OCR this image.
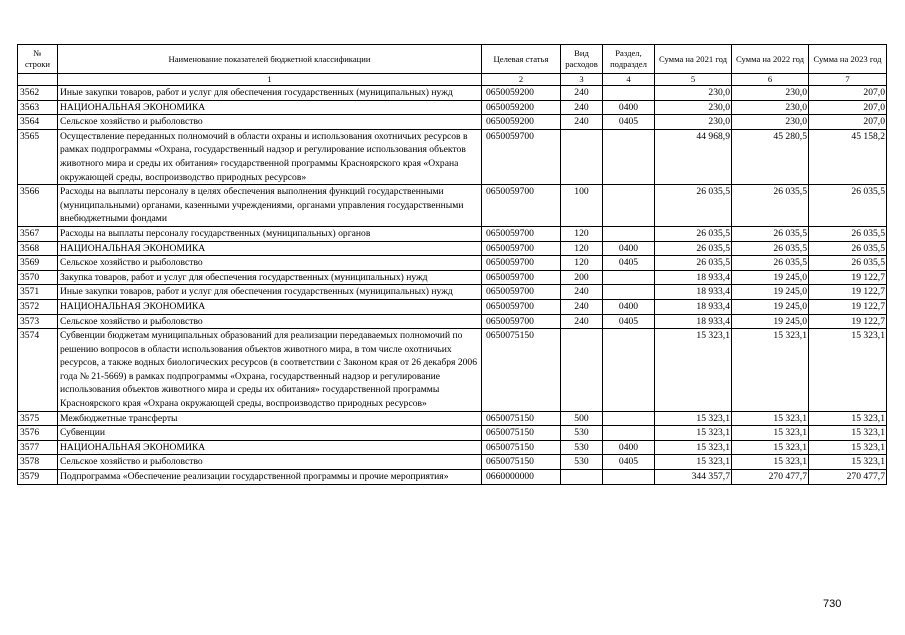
№ строки	Наименование показателей бюджетной классификации	Целевая статья	Вид расходов	Раздел, подраздел	Сумма на 2021 год	Сумма на 2022 год	Сумма на 2023 год
	1	2	3	4	5	6	7
3562	Иные закупки товаров, работ и услуг для обеспечения государственных (муниципальных) нужд	0650059200	240		230,0	230,0	207,0
3563	НАЦИОНАЛЬНАЯ ЭКОНОМИКА	0650059200	240	0400	230,0	230,0	207,0
3564	Сельское хозяйство и рыболовство	0650059200	240	0405	230,0	230,0	207,0
3565	Осуществление переданных полномочий в области охраны и использования охотничьих ресурсов в рамках подпрограммы «Охрана, государственный надзор и регулирование использования объектов животного мира и среды их обитания» государственной программы Красноярского края «Охрана окружающей среды, воспроизводство природных ресурсов»	0650059700			44 968,9	45 280,5	45 158,2
3566	Расходы на выплаты персоналу в целях обеспечения выполнения функций государственными (муниципальными) органами, казенными учреждениями, органами управления государственными внебюджетными фондами	0650059700	100		26 035,5	26 035,5	26 035,5
3567	Расходы на выплаты персоналу государственных (муниципальных) органов	0650059700	120		26 035,5	26 035,5	26 035,5
3568	НАЦИОНАЛЬНАЯ ЭКОНОМИКА	0650059700	120	0400	26 035,5	26 035,5	26 035,5
3569	Сельское хозяйство и рыболовство	0650059700	120	0405	26 035,5	26 035,5	26 035,5
3570	Закупка товаров, работ и услуг для обеспечения государственных (муниципальных) нужд	0650059700	200		18 933,4	19 245,0	19 122,7
3571	Иные закупки товаров, работ и услуг для обеспечения государственных (муниципальных) нужд	0650059700	240		18 933,4	19 245,0	19 122,7
3572	НАЦИОНАЛЬНАЯ ЭКОНОМИКА	0650059700	240	0400	18 933,4	19 245,0	19 122,7
3573	Сельское хозяйство и рыболовство	0650059700	240	0405	18 933,4	19 245,0	19 122,7
3574	Субвенции бюджетам муниципальных образований для реализации передаваемых полномочий по решению вопросов в области использования объектов животного мира, в том числе охотничьих ресурсов, а также водных биологических ресурсов (в соответствии с Законом края от 26 декабря 2006 года № 21-5669) в рамках подпрограммы «Охрана, государственный надзор и регулирование использования объектов животного мира и среды их обитания» государственной программы Красноярского края «Охрана окружающей среды, воспроизводство природных ресурсов»	0650075150			15 323,1	15 323,1	15 323,1
3575	Межбюджетные трансферты	0650075150	500		15 323,1	15 323,1	15 323,1
3576	Субвенции	0650075150	530		15 323,1	15 323,1	15 323,1
3577	НАЦИОНАЛЬНАЯ ЭКОНОМИКА	0650075150	530	0400	15 323,1	15 323,1	15 323,1
3578	Сельское хозяйство и рыболовство	0650075150	530	0405	15 323,1	15 323,1	15 323,1
3579	Подпрограмма «Обеспечение реализации государственной программы и прочие мероприятия»	0660000000			344 357,7	270 477,7	270 477,7
730
